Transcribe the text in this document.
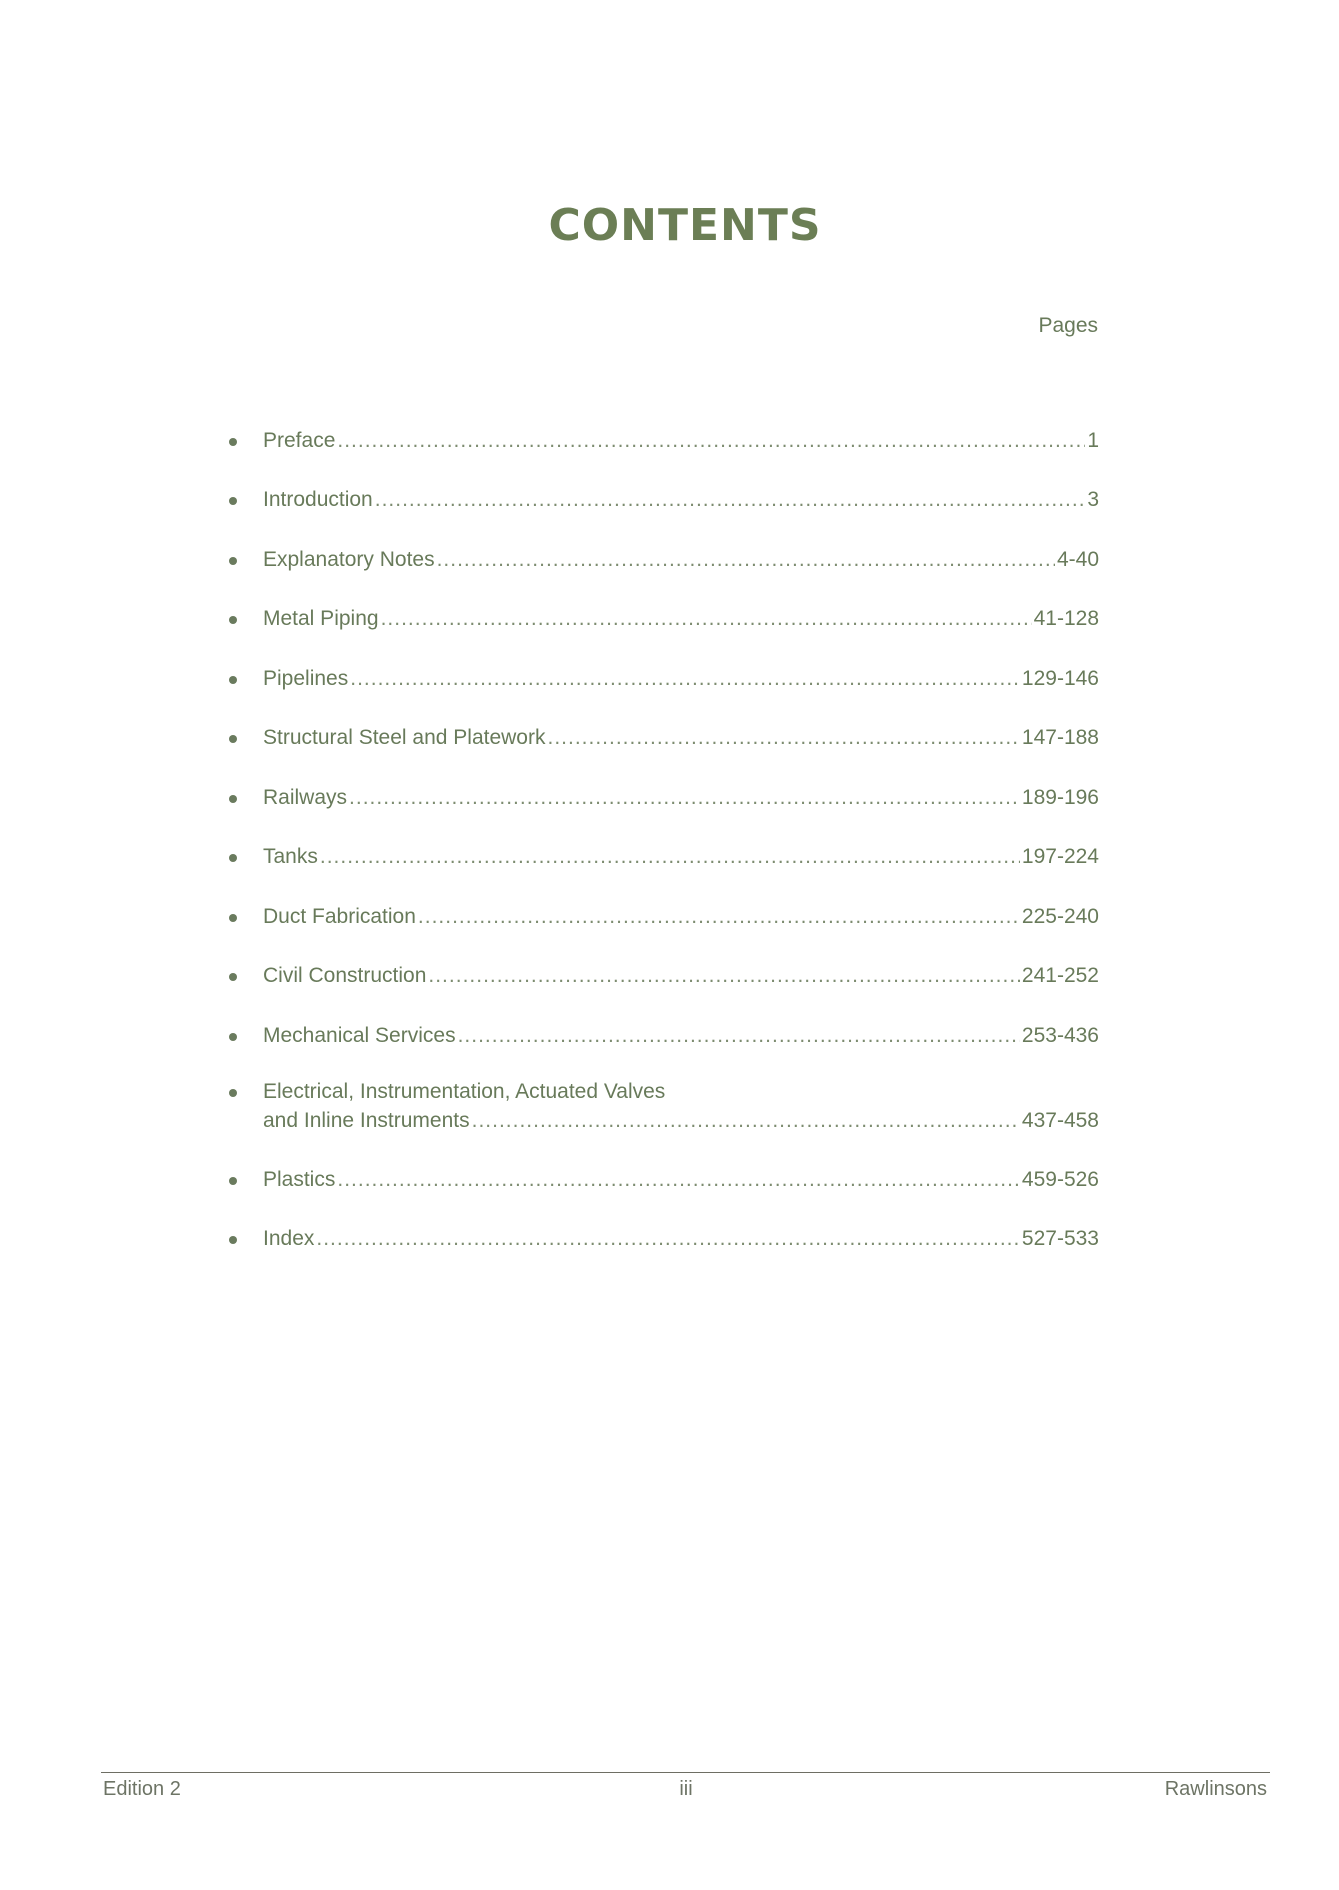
CONTENTS
Pages
Preface .....	1
Introduction .....	3
Explanatory Notes .....	4-40
Metal Piping .....	41-128
Pipelines .....	129-146
Structural Steel and Platework .....	147-188
Railways .....	189-196
Tanks .....	197-224
Duct Fabrication .....	225-240
Civil Construction .....	241-252
Mechanical Services .....	253-436
Electrical, Instrumentation, Actuated Valves
and Inline Instruments .....	437-458
Plastics .....	459-526
Index .....	527-533
Edition 2	iii	Rawlinsons
